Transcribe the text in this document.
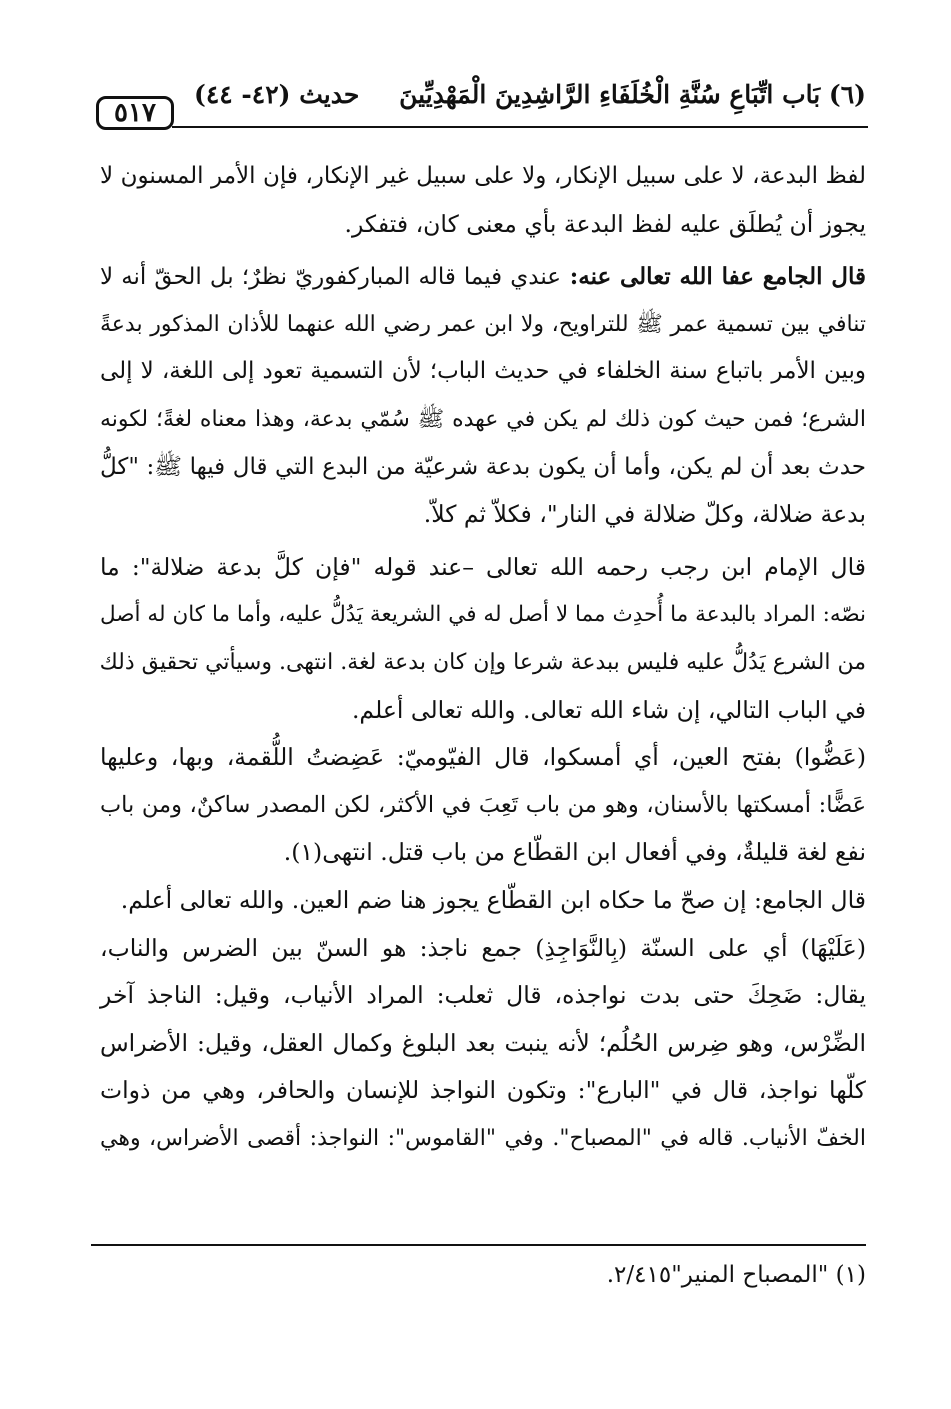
٥١٧
حديث (٤٢- ٤٤) (٦) بَاب اتِّبَاعِ سُنَّةِ الْخُلَفَاءِ الرَّاشِدِينَ الْمَهْدِيِّينَ
لفظ البدعة، لا على سبيل الإنكار، ولا على سبيل غير الإنكار، فإن الأمر المسنون لا
يجوز أن يُطلَق عليه لفظ البدعة بأي معنى كان، فتفكر.
قال الجامع عفا الله تعالى عنه: عندي فيما قاله المباركفوريّ نظرٌ؛ بل الحقّ أنه لا
تنافي بين تسمية عمر ﷺ للتراويح، ولا ابن عمر رضي الله عنهما للأذان المذكور بدعةً
وبين الأمر باتباع سنة الخلفاء في حديث الباب؛ لأن التسمية تعود إلى اللغة، لا إلى
الشرع؛ فمن حيث كون ذلك لم يكن في عهده ﷺ سُمّي بدعة، وهذا معناه لغةً؛ لكونه
حدث بعد أن لم يكن، وأما أن يكون بدعة شرعيّة من البدع التي قال فيها ﷺ: "كلُّ
بدعة ضلالة، وكلّ ضلالة في النار"، فكلاّ ثم كلاّ.
قال الإمام ابن رجب رحمه الله تعالى –عند قوله "فإن كلَّ بدعة ضلالة": ما
نصّه: المراد بالبدعة ما أُحدِث مما لا أصل له في الشريعة يَدُلُّ عليه، وأما ما كان له أصل
من الشرع يَدُلُّ عليه فليس ببدعة شرعا وإن كان بدعة لغة. انتهى. وسيأتي تحقيق ذلك
في الباب التالي، إن شاء الله تعالى. والله تعالى أعلم.
(عَضُّوا) بفتح العين، أي أمسكوا، قال الفيّوميّ: عَضِضتُ اللُّقمة، وبها، وعليها
عَضًّا: أمسكتها بالأسنان، وهو من باب تَعِبَ في الأكثر، لكن المصدر ساكنٌ، ومن باب
نفع لغة قليلةٌ، وفي أفعال ابن القطّاع من باب قتل. انتهى(١).
قال الجامع: إن صحّ ما حكاه ابن القطّاع يجوز هنا ضم العين. والله تعالى أعلم.
(عَلَيْهَا) أي على السنّة (بِالنَّوَاجِذِ) جمع ناجذ: هو السنّ بين الضرس والناب،
يقال: ضَحِكَ حتى بدت نواجذه، قال ثعلب: المراد الأنياب، وقيل: الناجذ آخر
الضِّرْس، وهو ضِرس الحُلُم؛ لأنه ينبت بعد البلوغ وكمال العقل، وقيل: الأضراس
كلّها نواجذ، قال في "البارع": وتكون النواجذ للإنسان والحافر، وهي من ذوات
الخفّ الأنياب. قاله في "المصباح". وفي "القاموس": النواجذ: أقصى الأضراس، وهي
(١) "المصباح المنير"٢/٤١٥.
